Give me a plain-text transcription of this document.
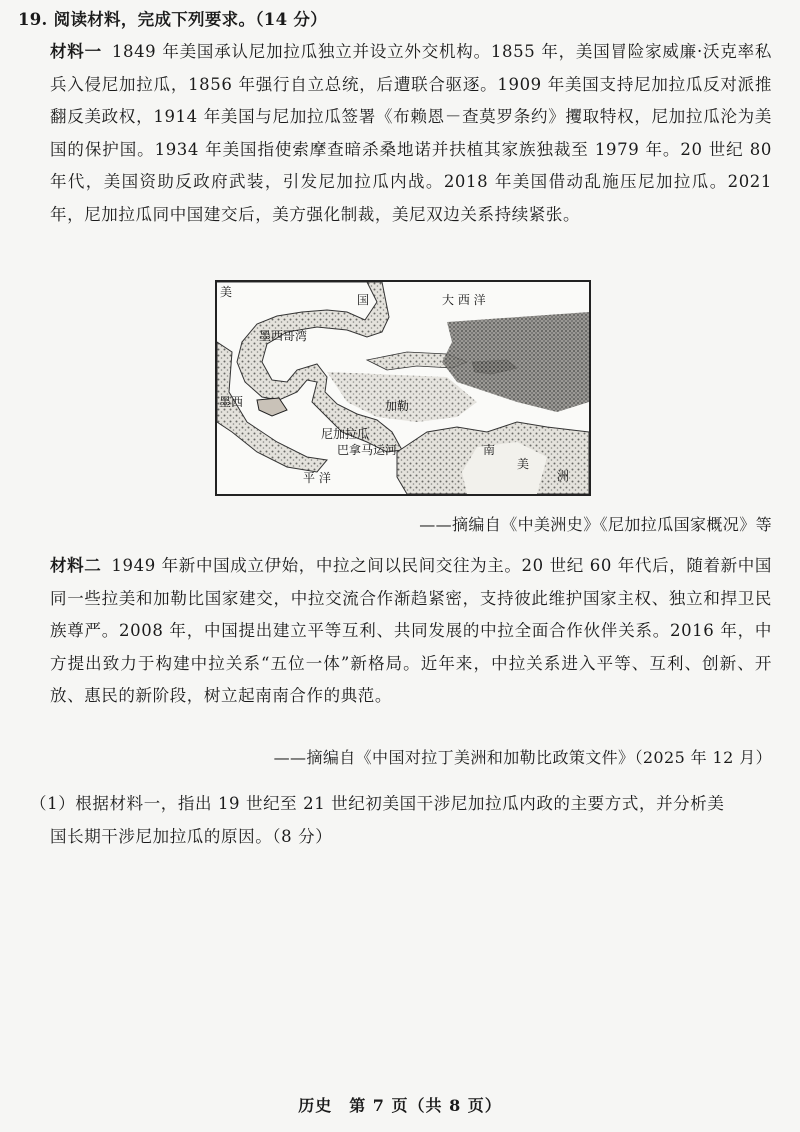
19. 阅读材料，完成下列要求。（14 分）
材料一 1849 年美国承认尼加拉瓜独立并设立外交机构。1855 年，美国冒险家威廉·沃克率私兵入侵尼加拉瓜，1856 年强行自立总统，后遭联合驱逐。1909 年美国支持尼加拉瓜反对派推翻反美政权，1914 年美国与尼加拉瓜签署《布赖恩－查莫罗条约》攫取特权，尼加拉瓜沦为美国的保护国。1934 年美国指使索摩查暗杀桑地诺并扶植其家族独裁至 1979 年。20 世纪 80 年代，美国资助反政府武装，引发尼加拉瓜内战。2018 年美国借动乱施压尼加拉瓜。2021 年，尼加拉瓜同中国建交后，美方强化制裁，美尼双边关系持续紧张。
美
国	大 西 洋
墨西哥湾
墨西	加勒
尼加拉瓜
巴拿马运河	南
美
洲
平 洋
——摘编自《中美洲史》《尼加拉瓜国家概况》等
材料二 1949 年新中国成立伊始，中拉之间以民间交往为主。20 世纪 60 年代后，随着新中国同一些拉美和加勒比国家建交，中拉交流合作渐趋紧密，支持彼此维护国家主权、独立和捍卫民族尊严。2008 年，中国提出建立平等互利、共同发展的中拉全面合作伙伴关系。2016 年，中方提出致力于构建中拉关系“五位一体”新格局。近年来，中拉关系进入平等、互利、创新、开放、惠民的新阶段，树立起南南合作的典范。
——摘编自《中国对拉丁美洲和加勒比政策文件》（2025 年 12 月）
（1）根据材料一，指出 19 世纪至 21 世纪初美国干涉尼加拉瓜内政的主要方式，并分析美
国长期干涉尼加拉瓜的原因。（8 分）
历史　第 7 页（共 8 页）
